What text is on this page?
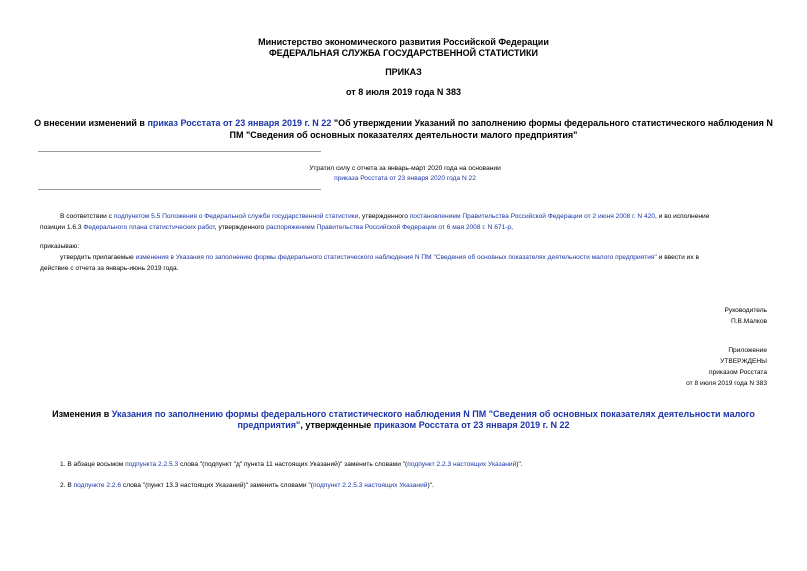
Министерство экономического развития Российской Федерации
ФЕДЕРАЛЬНАЯ СЛУЖБА ГОСУДАРСТВЕННОЙ СТАТИСТИКИ
ПРИКАЗ
от 8 июля 2019 года N 383
О внесении изменений в приказ Росстата от 23 января 2019 г. N 22 "Об утверждении Указаний по заполнению формы федерального статистического наблюдения N ПМ "Сведения об основных показателях деятельности малого предприятия"
Утратил силу с отчета за январь-март 2020 года на основании
приказа Росстата от 23 января 2020 года N 22
В соответствии с подпунктом 5.5 Положения о Федеральной службе государственной статистики, утвержденного постановлением Правительства Российской Федерации от 2 июня 2008 г. N 420, и во исполнение
позиции 1.6.3 Федерального плана статистических работ, утвержденного распоряжением Правительства Российской Федерации от 6 мая 2008 г. N 671-р,
приказываю:
утвердить прилагаемые изменения в Указания по заполнению формы федерального статистического наблюдения N ПМ "Сведения об основных показателях деятельности малого предприятия" и ввести их в
действие с отчета за январь-июнь 2019 года.
Руководитель
П.В.Малков
Приложение
УТВЕРЖДЕНЫ
приказом Росстата
от 8 июля 2019 года N 383
Изменения в Указания по заполнению формы федерального статистического наблюдения N ПМ "Сведения об основных показателях деятельности малого
предприятия", утвержденные приказом Росстата от 23 января 2019 г. N 22
1. В абзаце восьмом подпункта 2.2.5.3 слова "(подпункт "д" пункта 11 настоящих Указаний)" заменить словами "(подпункт 2.2.3 настоящих Указаний)".
2. В подпункте 2.2.6 слова "(пункт 13.3 настоящих Указаний)" заменить словами "(подпункт 2.2.5.3 настоящих Указаний)".
